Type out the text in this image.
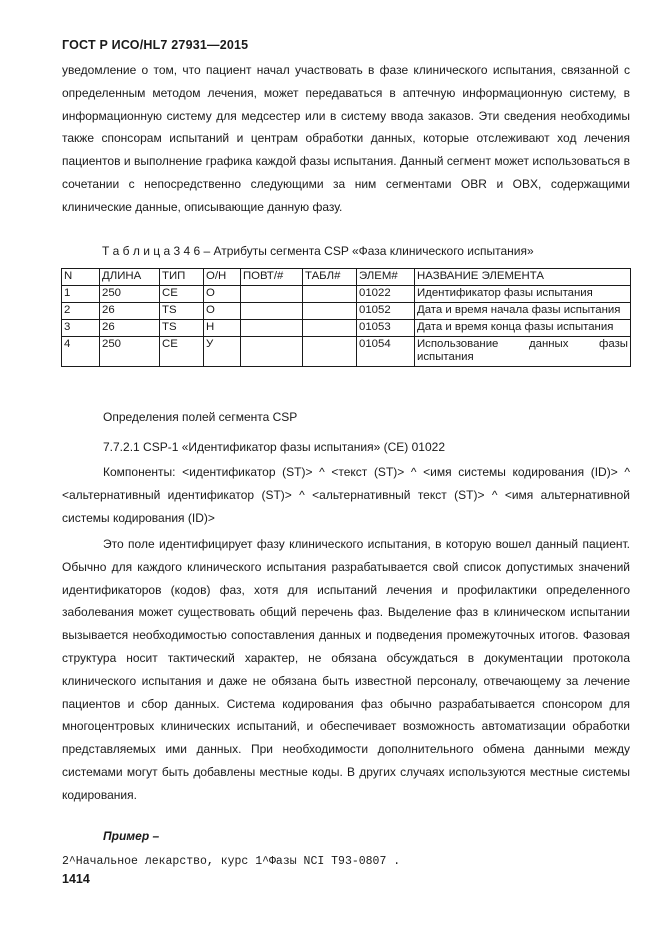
ГОСТ Р ИСО/HL7 27931—2015
уведомление о том, что пациент начал участвовать в фазе клинического испытания, связанной с определенным методом лечения, может передаваться в аптечную информационную систему, в информационную систему для медсестер или в систему ввода заказов. Эти сведения необходимы также спонсорам испытаний и центрам обработки данных, которые отслеживают ход лечения пациентов и выполнение графика каждой фазы испытания. Данный сегмент может использоваться в сочетании с непосредственно следующими за ним сегментами OBR и OBX, содержащими клинические данные, описывающие данную фазу.
Т а б л и ц а 3 4 6 – Атрибуты сегмента CSP «Фаза клинического испытания»
N	ДЛИНА	ТИП	О/Н	ПОВТ/#	ТАБЛ#	ЭЛЕМ#	НАЗВАНИЕ ЭЛЕМЕНТА
1	250	CE	О			01022	Идентификатор фазы испытания
2	26	TS	О			01052	Дата и время начала фазы испытания
3	26	TS	Н			01053	Дата и время конца фазы испытания
4	250	CE	У			01054	Использование данных фазы испытания
Определения полей сегмента CSP
7.7.2.1 CSP-1 «Идентификатор фазы испытания» (CE) 01022
Компоненты: <идентификатор (ST)> ^ <текст (ST)> ^ <имя системы кодирования (ID)> ^ <альтернативный идентификатор (ST)> ^ <альтернативный текст (ST)> ^ <имя альтернативной системы кодирования (ID)>
Это поле идентифицирует фазу клинического испытания, в которую вошел данный пациент. Обычно для каждого клинического испытания разрабатывается свой список допустимых значений идентификаторов (кодов) фаз, хотя для испытаний лечения и профилактики определенного заболевания может существовать общий перечень фаз. Выделение фаз в клиническом испытании вызывается необходимостью сопоставления данных и подведения промежуточных итогов. Фазовая структура носит тактический характер, не обязана обсуждаться в документации протокола клинического испытания и даже не обязана быть известной персоналу, отвечающему за лечение пациентов и сбор данных. Система кодирования фаз обычно разрабатывается спонсором для многоцентровых клинических испытаний, и обеспечивает возможность автоматизации обработки представляемых ими данных. При необходимости дополнительного обмена данными между системами могут быть добавлены местные коды. В других случаях используются местные системы кодирования.
Пример –
2^Начальное лекарство, курс 1^Фазы NCI Т93-0807 .
1414
